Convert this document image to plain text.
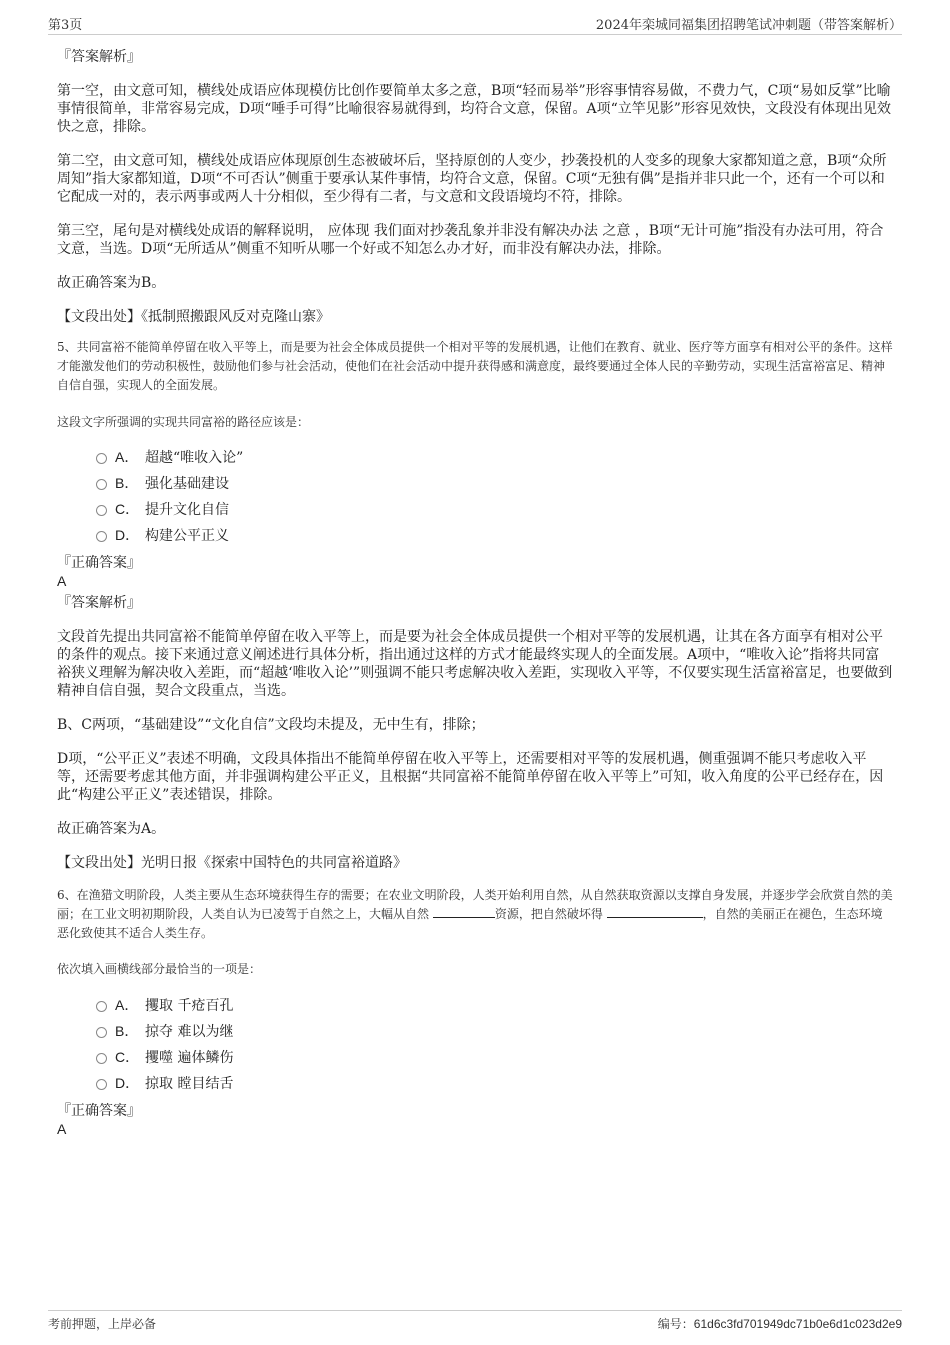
第3页	2024年栾城同福集团招聘笔试冲刺题（带答案解析）
『答案解析』
第一空，由文意可知，横线处成语应体现模仿比创作要简单太多之意，B项“轻而易举”形容事情容易做，不费力气，C项“易如反掌”比喻事情很简单，非常容易完成，D项“唾手可得”比喻很容易就得到，均符合文意，保留。A项“立竿见影”形容见效快，文段没有体现出见效快之意，排除。
第二空，由文意可知，横线处成语应体现原创生态被破坏后，坚持原创的人变少，抄袭投机的人变多的现象大家都知道之意，B项“众所周知”指大家都知道，D项“不可否认”侧重于要承认某件事情，均符合文意，保留。C项“无独有偶”是指并非只此一个，还有一个可以和它配成一对的，表示两事或两人十分相似，至少得有二者，与文意和文段语境均不符，排除。
第三空，尾句是对横线处成语的解释说明， 应体现 我们面对抄袭乱象并非没有解决办法 之意 ，B项“无计可施”指没有办法可用，符合文意，当选。D项“无所适从”侧重不知听从哪一个好或不知怎么办才好，而非没有解决办法，排除。
故正确答案为B。
【文段出处】《抵制照搬跟风反对克隆山寨》
5、共同富裕不能简单停留在收入平等上，而是要为社会全体成员提供一个相对平等的发展机遇，让他们在教育、就业、医疗等方面享有相对公平的条件。这样才能激发他们的劳动积极性，鼓励他们参与社会活动，使他们在社会活动中提升获得感和满意度，最终要通过全体人民的辛勤劳动，实现生活富裕富足、精神自信自强，实现人的全面发展。
这段文字所强调的实现共同富裕的路径应该是：
A． 超越“唯收入论”
B． 强化基础建设
C． 提升文化自信
D． 构建公平正义
『正确答案』
A
『答案解析』
文段首先提出共同富裕不能简单停留在收入平等上，而是要为社会全体成员提供一个相对平等的发展机遇，让其在各方面享有相对公平的条件的观点。接下来通过意义阐述进行具体分析，指出通过这样的方式才能最终实现人的全面发展。A项中，“唯收入论”指将共同富裕狭义理解为解决收入差距，而“超越‘唯收入论’”则强调不能只考虑解决收入差距，实现收入平等，不仅要实现生活富裕富足，也要做到精神自信自强，契合文段重点，当选。
B、C两项，“基础建设”“文化自信”文段均未提及，无中生有，排除；
D项，“公平正义”表述不明确，文段具体指出不能简单停留在收入平等上，还需要相对平等的发展机遇，侧重强调不能只考虑收入平等，还需要考虑其他方面，并非强调构建公平正义，且根据“共同富裕不能简单停留在收入平等上”可知，收入角度的公平已经存在，因此“构建公平正义”表述错误，排除。
故正确答案为A。
【文段出处】光明日报《探索中国特色的共同富裕道路》
6、在渔猎文明阶段，人类主要从生态环境获得生存的需要；在农业文明阶段，人类开始利用自然，从自然获取资源以支撑自身发展，并逐步学会欣赏自然的美丽；在工业文明初期阶段，人类自认为已凌驾于自然之上，大幅从自然	资源，把自然破坏得	，自然的美丽正在褪色，生态环境恶化致使其不适合人类生存。
依次填入画横线部分最恰当的一项是：
A． 攫取 千疮百孔
B． 掠夺 难以为继
C． 攫噬 遍体鳞伤
D． 掠取 瞠目结舌
『正确答案』
A
考前押题，上岸必备	编号：61d6c3fd701949dc71b0e6d1c023d2e9
